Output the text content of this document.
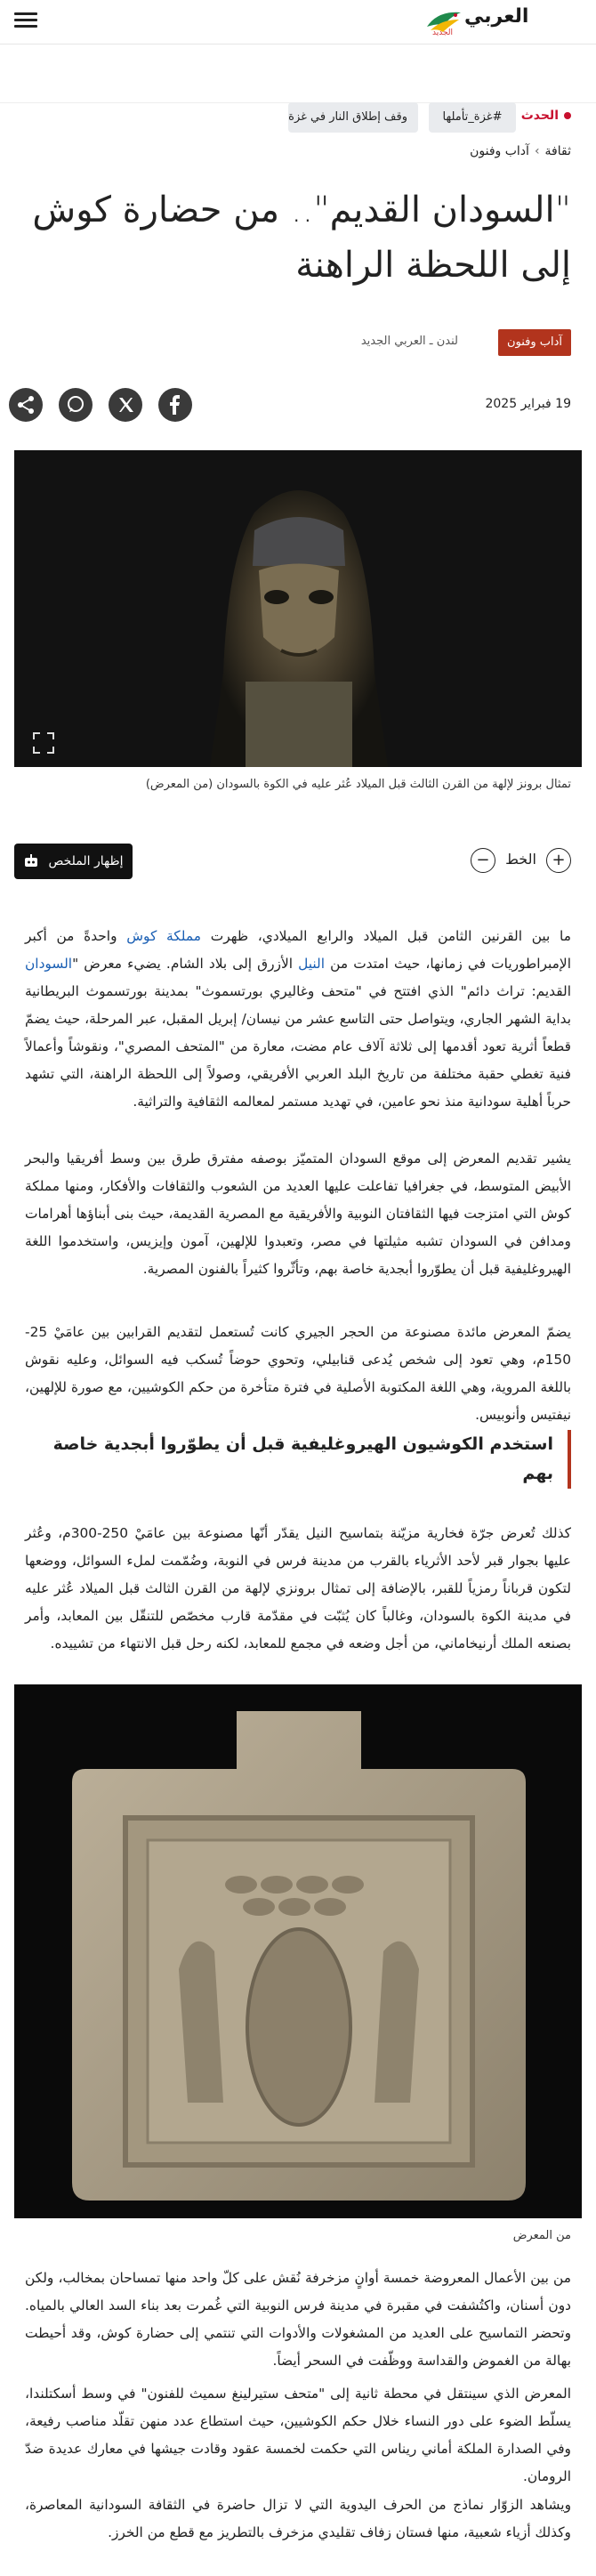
العربي
الجديد
الحدث
#غزة_تأملها
وقف إطلاق النار في غزة
ثقافة›آداب وفنون
"السودان القديم".. من حضارة كوش إلى اللحظة الراهنة
آداب وفنون
لندن ـ العربي الجديد
19 فبراير 2025
تمثال برونز لإلهة من القرن الثالث قبل الميلاد عُثر عليه في الكوة بالسودان (من المعرض)
+ الخط −
إظهار الملخص

ما بين القرنين الثامن قبل الميلاد والرابع الميلادي، ظهرت مملكة كوش واحدةً من أكبر الإمبراطوريات في زمانها، حيث امتدت من النيل الأزرق إلى بلاد الشام. يضيء معرض "السودان القديم: تراث دائم" الذي افتتح في "متحف وغاليري بورتسموث" بمدينة بورتسموث البريطانية بداية الشهر الجاري، ويتواصل حتى التاسع عشر من نيسان/ إبريل المقبل، عبر المرحلة، حيث يضمّ قطعاً أثرية تعود أقدمها إلى ثلاثة آلاف عام مضت، معارة من "المتحف المصري"، ونقوشاً وأعمالاً فنية تغطي حقبة مختلفة من تاريخ البلد العربي الأفريقي، وصولاً إلى اللحظة الراهنة، التي تشهد حرباً أهلية سودانية منذ نحو عامين، في تهديد مستمر لمعالمه الثقافية والتراثية.

يشير تقديم المعرض إلى موقع السودان المتميّز بوصفه مفترق طرق بين وسط أفريقيا والبحر الأبيض المتوسط، في جغرافيا تفاعلت عليها العديد من الشعوب والثقافات والأفكار، ومنها مملكة كوش التي امتزجت فيها الثقافتان النوبية والأفريقية مع المصرية القديمة، حيث بنى أبناؤها أهرامات ومدافن في السودان تشبه مثيلتها في مصر، وتعبدوا للإلهين، آمون وإيزيس، واستخدموا اللغة الهيروغليفية قبل أن يطوّروا أبجدية خاصة بهم، وتأثّروا كثيراً بالفنون المصرية.

يضمّ المعرض مائدة مصنوعة من الحجر الجيري كانت تُستعمل لتقديم القرابين بين عامَيْ 25-150م، وهي تعود إلى شخص يُدعى قنابيلي، وتحوي حوضاً تُسكب فيه السوائل، وعليه نقوش باللغة المروية، وهي اللغة المكتوبة الأصلية في فترة متأخرة من حكم الكوشيين، مع صورة للإلهين، نيفتيس وأنوبيس.

استخدم الكوشيون الهيروغليفية قبل أن يطوّروا أبجدية خاصة بهم

كذلك تُعرض جرّة فخارية مزيّنة بتماسيح النيل يقدّر أنّها مصنوعة بين عامَيْ 250-300م، وعُثر عليها بجوار قبر لأحد الأثرياء بالقرب من مدينة فرس في النوبة، وضُمّمت لملء السوائل، ووضعها لتكون قرباناً رمزياً للقبر، بالإضافة إلى تمثال برونزي لإلهة من القرن الثالث قبل الميلاد عُثر عليه في مدينة الكوة بالسودان، وغالباً كان يُثبّت في مقدّمة قارب مخصّص للتنقّل بين المعابد، وأمر بصنعه الملك أرنيخاماني، من أجل وضعه في مجمع للمعابد، لكنه رحل قبل الانتهاء من تشييده.

من المعرض

من بين الأعمال المعروضة خمسة أوانٍ مزخرفة نُقش على كلّ واحد منها تمساحان بمخالب، ولكن دون أسنان، واكتُشفت في مقبرة في مدينة فرس النوبية التي غُمرت بعد بناء السد العالي بالمياه. وتحضر التماسيح على العديد من المشغولات والأدوات التي تنتمي إلى حضارة كوش، وقد أحيطت بهالة من الغموض والقداسة ووظّفت في السحر أيضاً.

المعرض الذي سينتقل في محطة ثانية إلى "متحف ستيرلينغ سميث للفنون" في وسط أسكتلندا، يسلّط الضوء على دور النساء خلال حكم الكوشيين، حيث استطاع عدد منهن تقلّد مناصب رفيعة، وفي الصدارة الملكة أماني ريناس التي حكمت لخمسة عقود وقادت جيشها في معارك عديدة ضدّ الرومان.

ويشاهد الزوّار نماذج من الحرف اليدوية التي لا تزال حاضرة في الثقافة السودانية المعاصرة، وكذلك أزياء شعبية، منها فستان زفاف تقليدي مزخرف بالتطريز مع قطع من الخرز.
